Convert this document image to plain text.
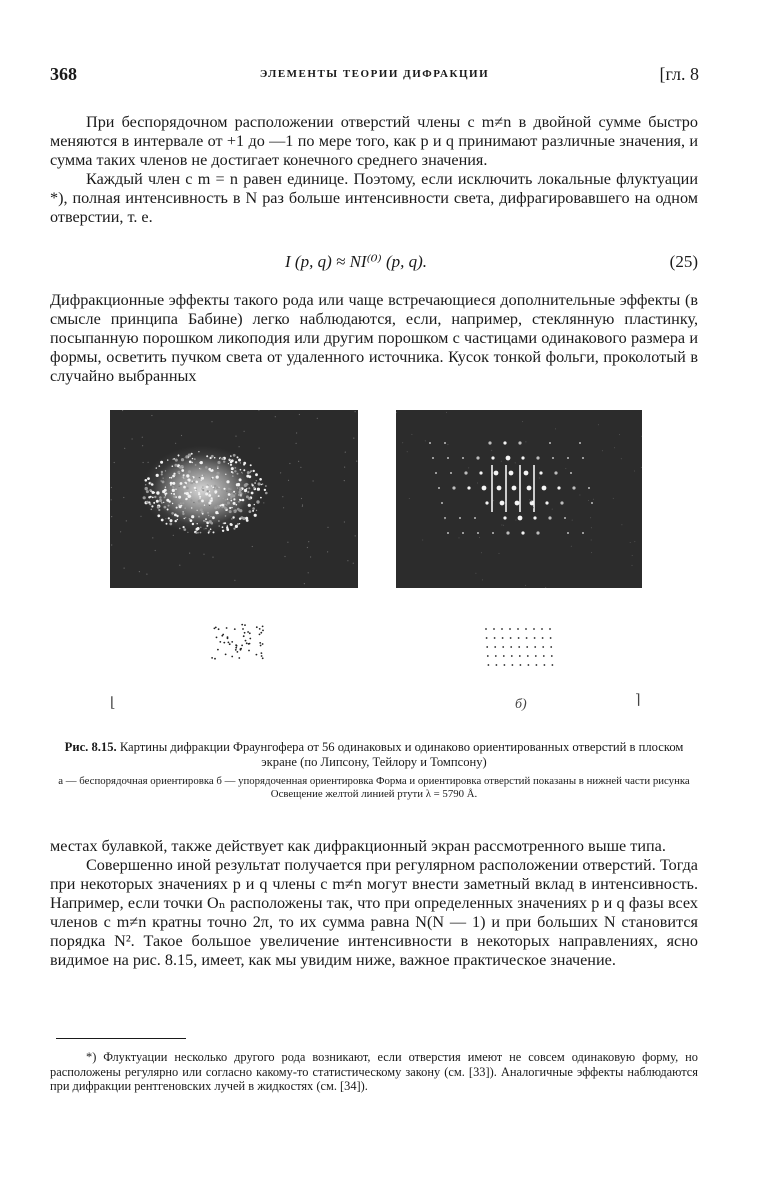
368	ЭЛЕМЕНТЫ ТЕОРИИ ДИФРАКЦИИ	[гл. 8

При беспорядочном расположении отверстий члены с m≠n в двойной сумме быстро меняются в интервале от +1 до —1 по мере того, как p и q принимают различные значения, и сумма таких членов не достигает конечного среднего значения.

Каждый член с m = n равен единице. Поэтому, если исключить локальные флуктуации *), полная интенсивность в N раз больше интенсивности света, дифрагировавшего на одном отверстии, т. е.

I (p, q) ≈ NI⁽⁰⁾ (p, q).	(25)

Дифракционные эффекты такого рода или чаще встречающиеся дополнительные эффекты (в смысле принципа Бабине) легко наблюдаются, если, например, стеклянную пластинку, посыпанную порошком ликоподия или другим порошком с частицами одинакового размера и формы, осветить пучком света от удаленного источника. Кусок тонкой фольги, проколотый в случайно выбранных

⌊	⌉
б)
Рис. 8.15. Картины дифракции Фраунгофера от 56 одинаковых и одинаково ориентированных отверстий в плоском экране (по Липсону, Тейлору и Томпсону)
а — беспорядочная ориентировка б — упорядоченная ориентировка Форма и ориентировка отверстий показаны в нижней части рисунка Освещение желтой линией ртути λ = 5790 Å.

местах булавкой, также действует как дифракционный экран рассмотренного выше типа.

Совершенно иной результат получается при регулярном расположении отверстий. Тогда при некоторых значениях p и q члены с m≠n могут внести заметный вклад в интенсивность. Например, если точки Oₙ расположены так, что при определенных значениях p и q фазы всех членов с m≠n кратны точно 2π, то их сумма равна N(N — 1) и при больших N становится порядка N². Такое большое увеличение интенсивности в некоторых направлениях, ясно видимое на рис. 8.15, имеет, как мы увидим ниже, важное практическое значение.

*) Флуктуации несколько другого рода возникают, если отверстия имеют не совсем одинаковую форму, но расположены регулярно или согласно какому-то статистическому закону (см. [33]). Аналогичные эффекты наблюдаются при дифракции рентгеновских лучей в жидкостях (см. [34]).
